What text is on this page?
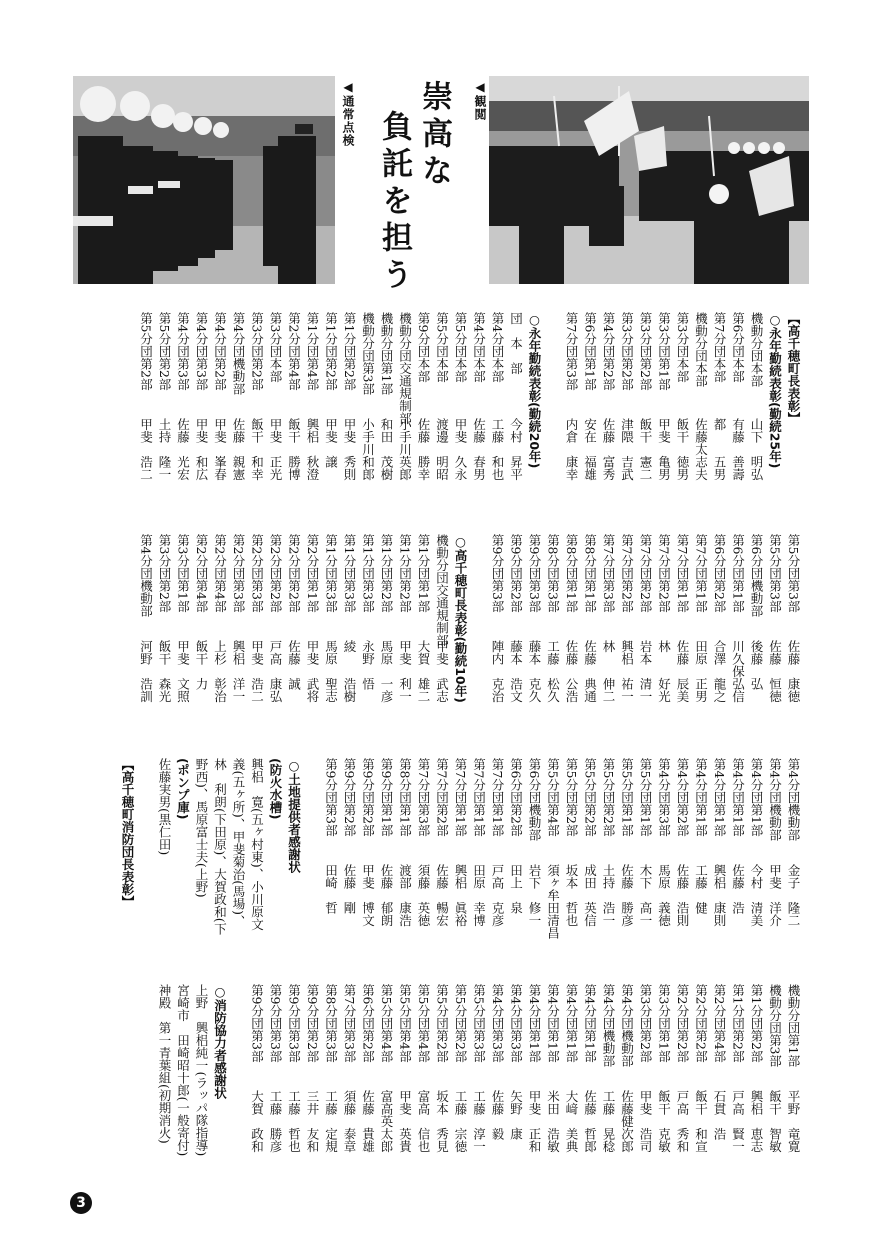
◀通常点検 崇高な
負託を担う
◀観閲
【高千穂町長表彰】
○永年勤続表彰(勤続25年)
機動分団本部山下　明弘
第6分団本部有藤　善壽
第7分団本部都　　五男
機動分団本部佐藤太志夫
第3分団本部飯干　徳男
第3分団第1部甲斐　亀男
第3分団第2部飯干　憲二
第3分団第2部津隈　吉武
第4分団第2部佐藤　富秀
第6分団第1部安在　福雄
第7分団第3部内倉　康幸
○永年勤続表彰(勤続20年)
団　本　部今村　昇平
第4分団本部工藤　和也
第4分団本部佐藤　春男
第5分団本部甲斐　久永
第5分団本部渡邊　明昭
第9分団本部佐藤　勝幸
機動分団交通規制部小手川英郎
機動分団第1部和田　茂樹
機動分団第3部小手川和郎
第1分団第2部甲斐　秀則
第1分団第2部甲斐　譲
第1分団第4部興梠　秋澄
第2分団第4部飯干　勝博
第3分団本部甲斐　正光
第3分団第2部飯干　和幸
第4分団機動部佐藤　親憲
第4分団第2部甲斐　峯春
第4分団第3部甲斐　和広
第4分団第3部佐藤　光宏
第5分団第2部土持　隆一
第5分団第2部甲斐　浩二
第5分団第3部佐藤　康徳
第5分団第3部佐藤　恒徳
第6分団機動部後藤　弘
第6分団第1部川久保弘信
第6分団第2部合澤　龍之
第7分団第1部田原　正男
第7分団第1部佐藤　辰美
第7分団第2部林　　好光
第7分団第2部岩本　清一
第7分団第2部興梠　祐一
第7分団第3部林　　伸二
第8分団第1部佐藤　典通
第8分団第1部佐藤　公浩
第8分団第3部工藤　松久
第9分団第3部藤本　克久
第9分団第2部藤本　浩文
第9分団第3部陣内　克治
○高千穂町長表彰(勤続10年)
機動分団交通規制部甲斐　武志
第1分団第1部大賀　雄二
第1分団第2部甲斐　利一
第1分団第2部馬原　一彦
第1分団第3部永野　悟
第1分団第3部綾　　浩樹
第1分団第3部馬原　聖志
第2分団第1部甲斐　武将
第2分団第2部佐藤　誠
第2分団第2部戸高　康弘
第2分団第3部甲斐　浩二
第2分団第3部興梠　洋一
第2分団第4部上杉　彰治
第2分団第4部飯干　力
第3分団第1部甲斐　文照
第3分団第2部飯干　森光
第4分団機動部河野　浩訓
第4分団機動部金子　隆二
第4分団機動部甲斐　洋介
第4分団第1部今村　清美
第4分団第1部佐藤　浩
第4分団第1部興梠　康則
第4分団第1部工藤　健
第4分団第2部佐藤　浩則
第4分団第3部馬原　義徳
第5分団第1部木下　高一
第5分団第1部佐藤　勝彦
第5分団第2部土持　浩一
第5分団第2部成田　英信
第5分団第2部坂本　哲也
第5分団第4部須ヶ牟田清昌
第6分団機動部岩下　修一
第6分団第2部田上　泉
第7分団第1部戸高　克彦
第7分団第1部田原　幸博
第7分団第1部興梠　眞裕
第7分団第2部佐藤　暢宏
第7分団第3部須藤　英徳
第8分団第1部渡部　康浩
第9分団第1部佐藤　郁朗
第9分団第2部甲斐　博文
第9分団第2部佐藤　剛
第9分団第3部田崎　哲
○土地提供者感謝状
(防火水槽)
興梠　寛(五ヶ村東)、小川原文
義(五ヶ所)、甲斐菊治(馬場)、
林　利朗(下田原)、大賀政和(下
野西)、馬原富士夫(上野)
(ポンプ庫)
佐藤実男(黒仁田)
【高千穂町消防団長表彰】
機動分団第1部平野　竜寛
機動分団第3部飯干　智敏
第1分団第2部興梠　恵志
第1分団第2部戸高　賢一
第2分団第4部石貫　浩
第2分団第2部飯干　和宣
第2分団第2部戸高　秀和
第3分団第1部飯干　克敏
第3分団第2部甲斐　浩司
第4分団機動部佐藤健次郎
第4分団機動部工藤　晃稔
第4分団第1部佐藤　哲郎
第4分団第1部大﨑　美典
第4分団第1部米田　浩敏
第4分団第1部甲斐　正和
第4分団第3部矢野　康
第4分団第3部佐藤　毅
第5分団第3部工藤　淳一
第5分団第2部工藤　宗徳
第5分団第2部坂本　秀見
第5分団第4部富高　信也
第5分団第4部甲斐　英貴
第5分団第4部富高英太郎
第6分団第2部佐藤　貴雄
第7分団第3部須藤　泰章
第8分団第3部工藤　定規
第9分団第2部三井　友和
第9分団第3部工藤　哲也
第9分団第3部工藤　勝彦
第9分団第3部大賀　政和
○消防協力者感謝状
上野　興梠純一(ラッパ隊指導)
宮崎市　田崎昭十郎(一般寄付)
神殿　第一青葉組(初期消火)
3
